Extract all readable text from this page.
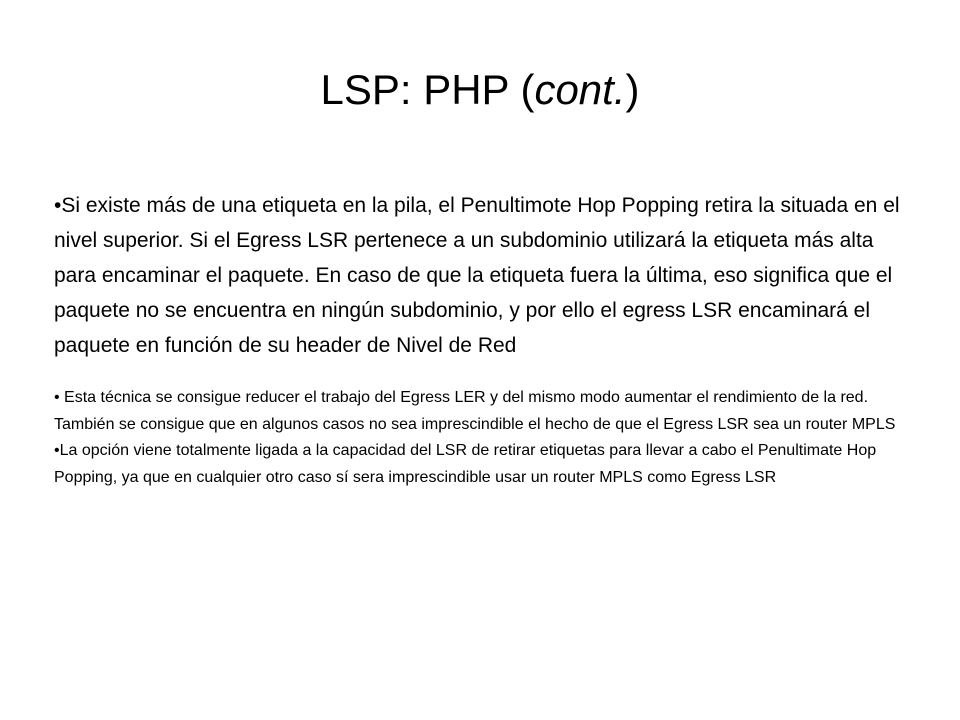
LSP: PHP (cont.)

•Si existe más de una etiqueta en la pila, el Penultimote Hop Popping retira la situada en el nivel superior. Si el Egress LSR pertenece a un subdominio utilizará la etiqueta más alta para encaminar el paquete. En caso de que la etiqueta fuera la última, eso significa que el paquete no se encuentra en ningún subdominio, y por ello el egress LSR encaminará el paquete en función de su header de Nivel de Red

• Esta técnica se consigue reducer el trabajo del Egress LER y del mismo modo aumentar el rendimiento de la red. También se consigue que en algunos casos no sea imprescindible el hecho de que el Egress LSR sea un router MPLS

•La opción viene totalmente ligada a la capacidad del LSR de retirar etiquetas para llevar a cabo el Penultimate Hop Popping, ya que en cualquier otro caso sí sera imprescindible usar un router MPLS como Egress LSR
